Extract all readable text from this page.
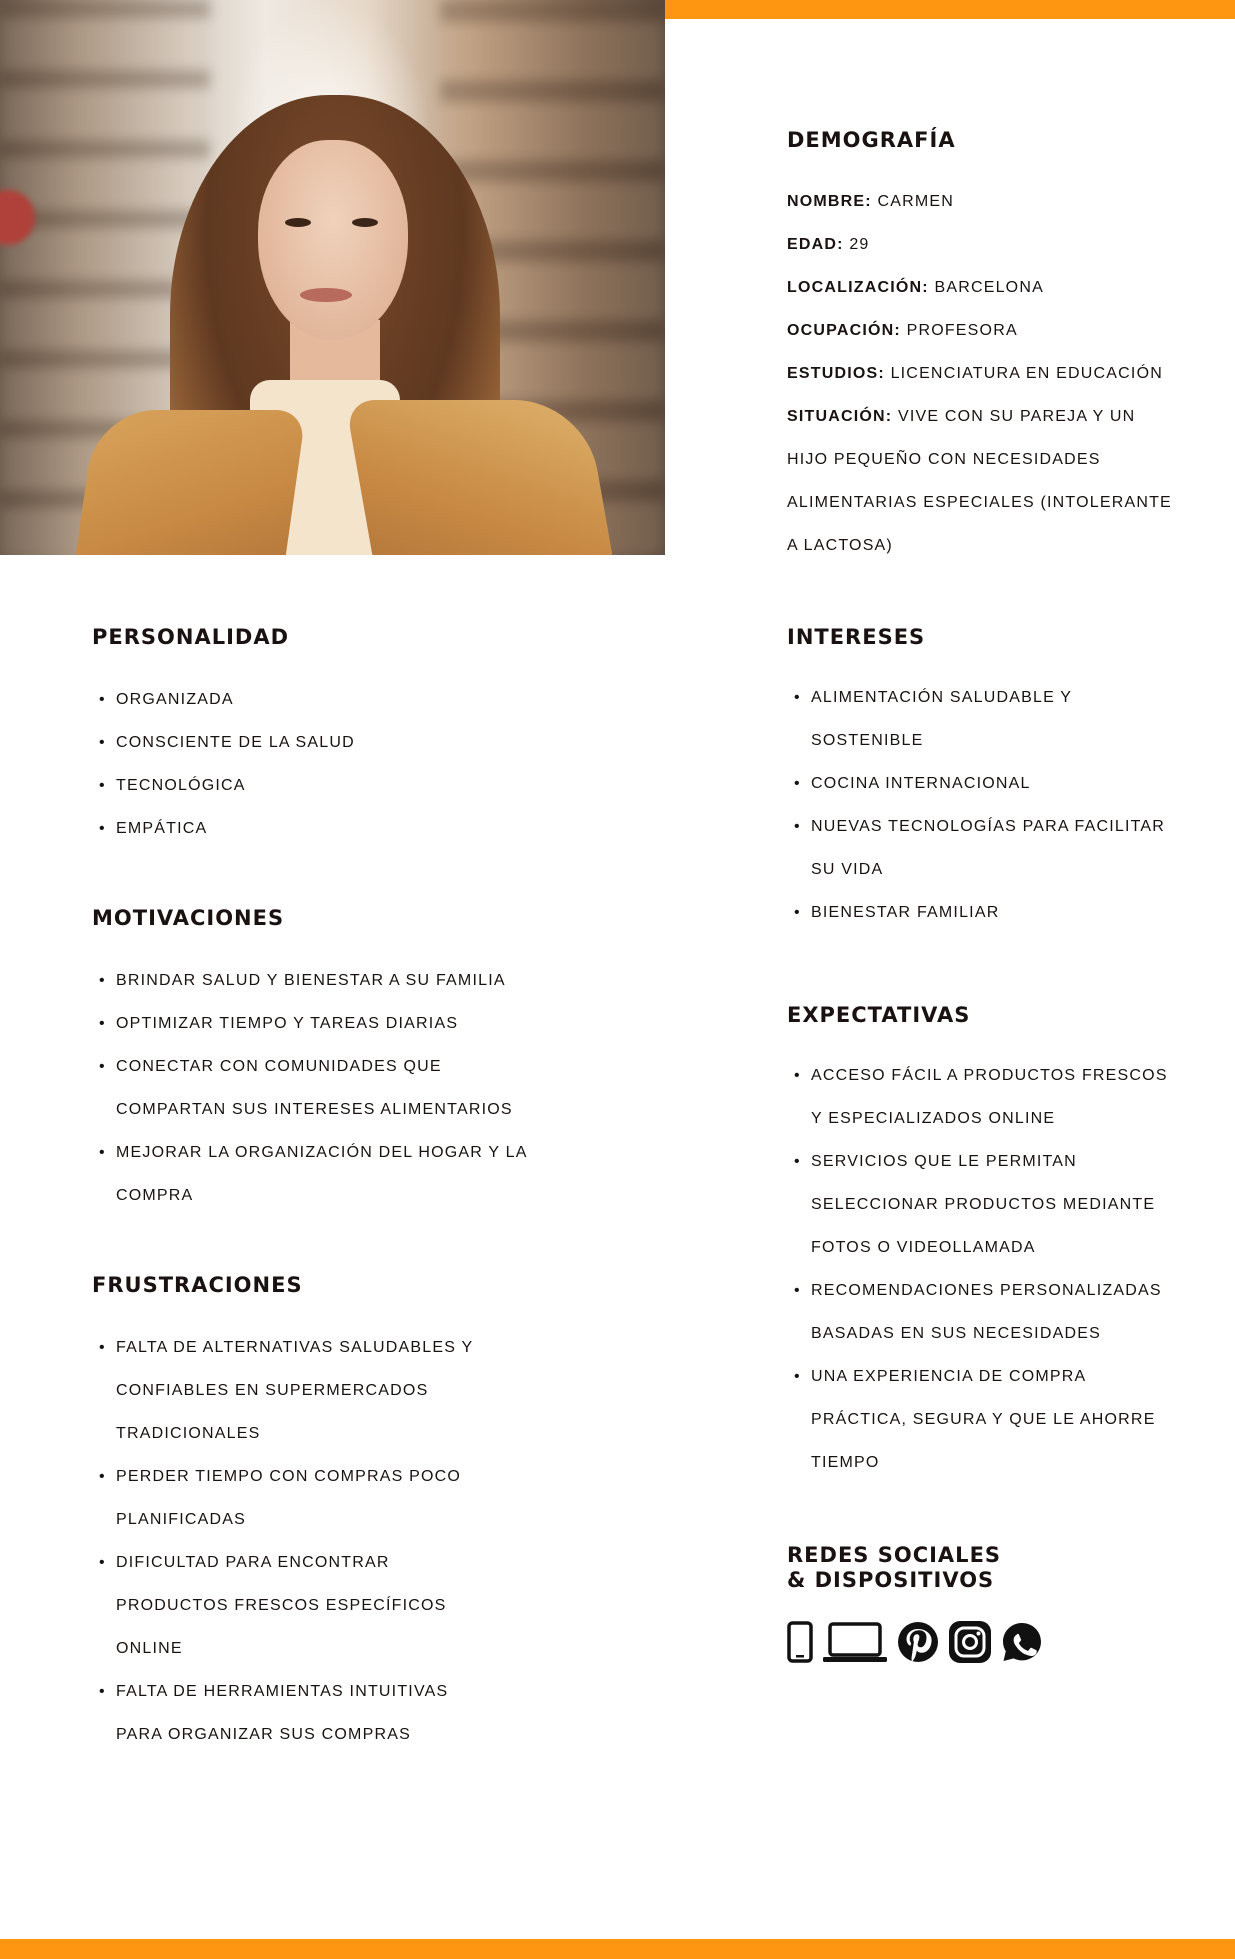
DEMOGRAFÍA
NOMBRE: CARMEN
EDAD: 29
LOCALIZACIÓN: BARCELONA
OCUPACIÓN: PROFESORA
ESTUDIOS: LICENCIATURA EN EDUCACIÓN
SITUACIÓN: VIVE CON SU PAREJA Y UN
HIJO PEQUEÑO CON NECESIDADES
ALIMENTARIAS ESPECIALES (INTOLERANTE
A LACTOSA)
PERSONALIDAD
• ORGANIZADA
• CONSCIENTE DE LA SALUD
• TECNOLÓGICA
• EMPÁTICA
MOTIVACIONES
• BRINDAR SALUD Y BIENESTAR A SU FAMILIA
• OPTIMIZAR TIEMPO Y TAREAS DIARIAS
• CONECTAR CON COMUNIDADES QUE
COMPARTAN SUS INTERESES ALIMENTARIOS
• MEJORAR LA ORGANIZACIÓN DEL HOGAR Y LA
COMPRA
FRUSTRACIONES
• FALTA DE ALTERNATIVAS SALUDABLES Y
CONFIABLES EN SUPERMERCADOS
TRADICIONALES
• PERDER TIEMPO CON COMPRAS POCO
PLANIFICADAS
• DIFICULTAD PARA ENCONTRAR
PRODUCTOS FRESCOS ESPECÍFICOS
ONLINE
• FALTA DE HERRAMIENTAS INTUITIVAS
PARA ORGANIZAR SUS COMPRAS
INTERESES
• ALIMENTACIÓN SALUDABLE Y
SOSTENIBLE
• COCINA INTERNACIONAL
• NUEVAS TECNOLOGÍAS PARA FACILITAR
SU VIDA
• BIENESTAR FAMILIAR
EXPECTATIVAS
• ACCESO FÁCIL A PRODUCTOS FRESCOS
Y ESPECIALIZADOS ONLINE
• SERVICIOS QUE LE PERMITAN
SELECCIONAR PRODUCTOS MEDIANTE
FOTOS O VIDEOLLAMADA
• RECOMENDACIONES PERSONALIZADAS
BASADAS EN SUS NECESIDADES
• UNA EXPERIENCIA DE COMPRA
PRÁCTICA, SEGURA Y QUE LE AHORRE
TIEMPO
REDES SOCIALES
& DISPOSITIVOS
